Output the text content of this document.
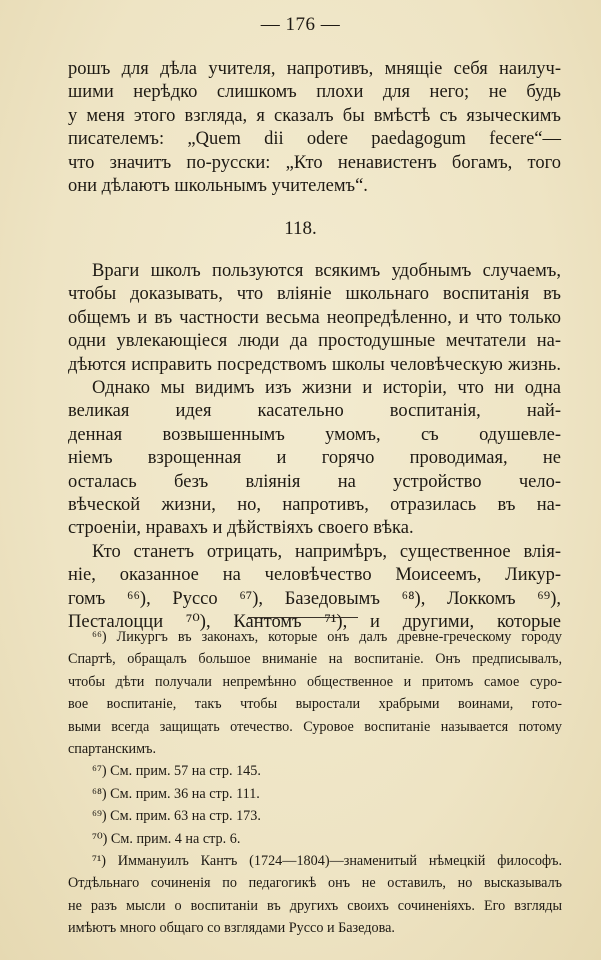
— 176 —
рошъ для дѣла учителя, напротивъ, мнящіе себя наилуч-
шими нерѣдко слишкомъ плохи для него; не будь
у меня этого взгляда, я сказалъ бы вмѣстѣ съ языческимъ
писателемъ: „Quem dii odere paedagogum fecere“—
что значитъ по-русски: „Кто ненавистенъ богамъ, того
они дѣлаютъ школьнымъ учителемъ“.
118.
Враги школъ пользуются всякимъ удобнымъ случаемъ,
чтобы доказывать, что вліяніе школьнаго воспитанія въ
общемъ и въ частности весьма неопредѣленно, и что только
одни увлекающіеся люди да простодушные мечтатели на-
дѣются исправить посредствомъ школы человѣческую жизнь.
Однако мы видимъ изъ жизни и исторіи, что ни одна
великая идея касательно воспитанія, най-
денная возвышеннымъ умомъ, съ одушевле-
ніемъ взрощенная и горячо проводимая, не
осталась безъ вліянія на устройство чело-
вѣческой жизни, но, напротивъ, отразилась въ на-
строеніи, нравахъ и дѣйствіяхъ своего вѣка.
Кто станетъ отрицать, напримѣръ, существенное влія-
ніе, оказанное на человѣчество Моисеемъ, Ликур-
гомъ ⁶⁶), Руссо ⁶⁷), Базедовымъ ⁶⁸), Локкомъ ⁶⁹),
Песталоцци ⁷⁰), Кантомъ ⁷¹), и другими, которые
⁶⁶) Ликургъ въ законахъ, которые онъ далъ древне-греческому городу
Спартѣ, обращалъ большое вниманіе на воспитаніе. Онъ предписывалъ,
чтобы дѣти получали непремѣнно общественное и притомъ самое суро-
вое воспитаніе, такъ чтобы выростали храбрыми воинами, гото-
выми всегда защищать отечество. Суровое воспитаніе называется потому
спартанскимъ.
⁶⁷) См. прим. 57 на стр. 145.
⁶⁸) См. прим. 36 на стр. 111.
⁶⁹) См. прим. 63 на стр. 173.
⁷⁰) См. прим. 4 на стр. 6.
⁷¹) Иммануилъ Кантъ (1724—1804)—знаменитый нѣмецкій философъ.
Отдѣльнаго сочиненія по педагогикѣ онъ не оставилъ, но высказывалъ
не разъ мысли о воспитаніи въ другихъ своихъ сочиненіяхъ. Его взгляды
имѣютъ много общаго со взглядами Руссо и Базедова.
